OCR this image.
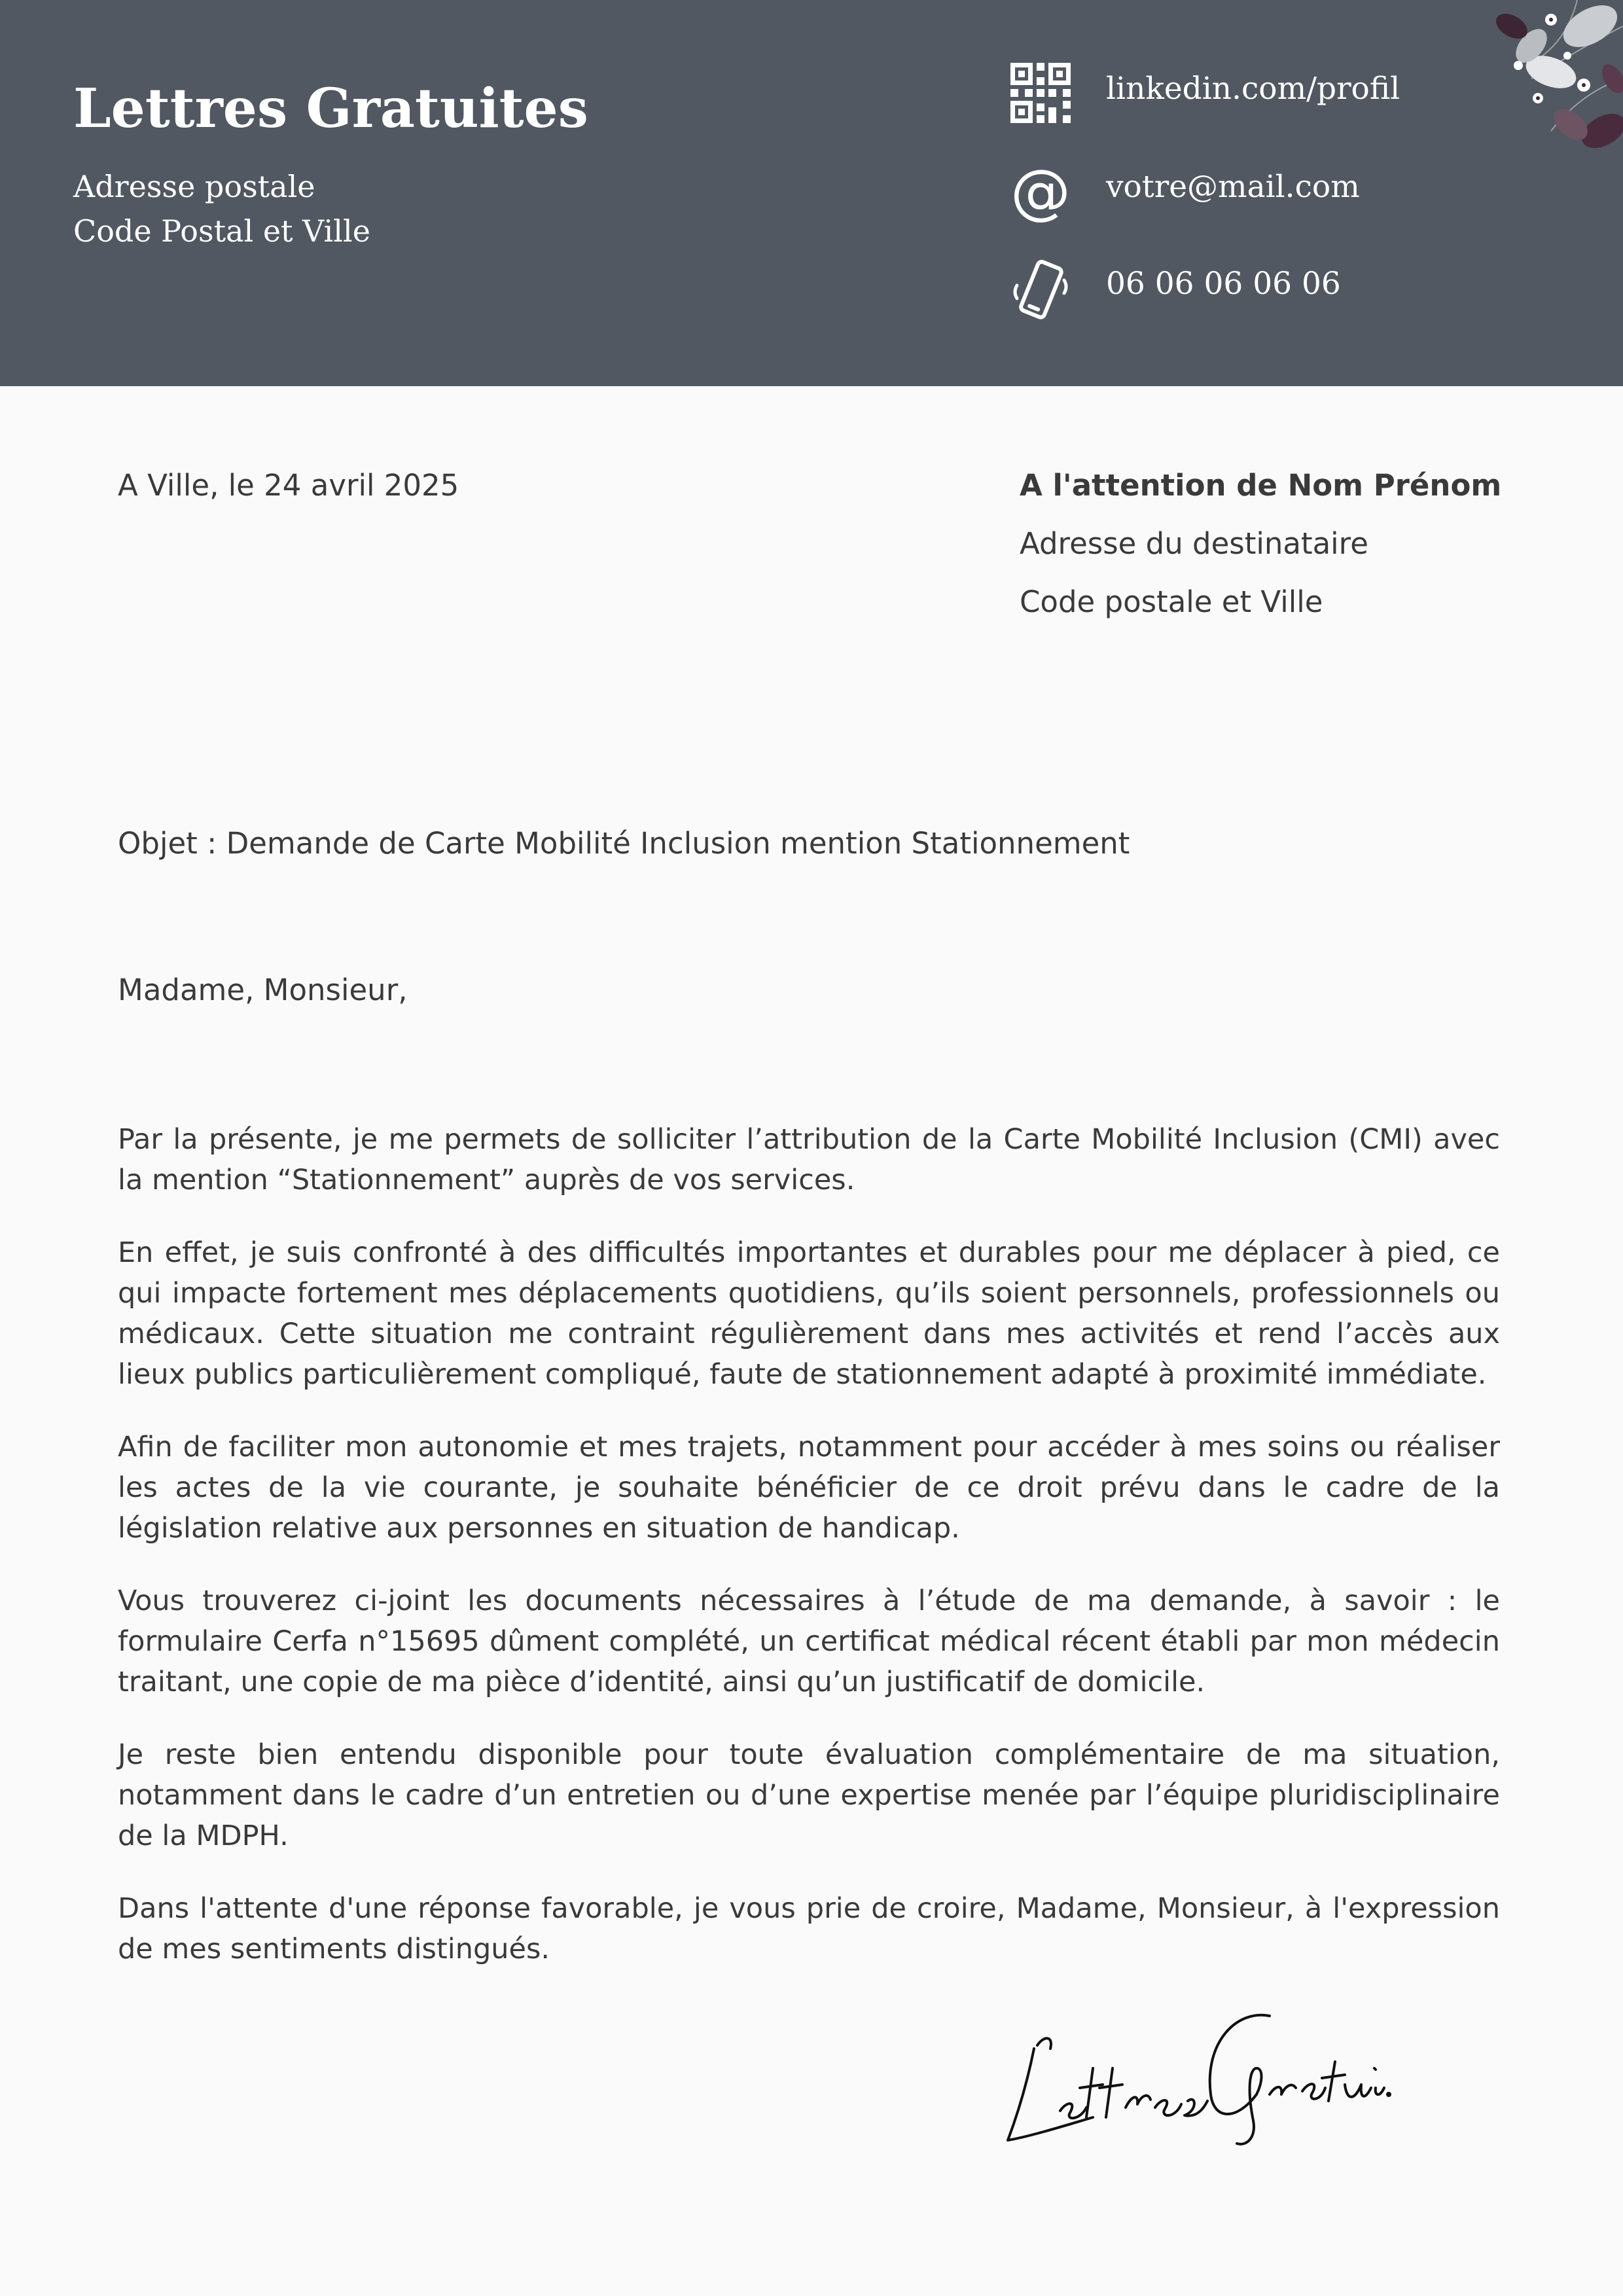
Lettres Gratuites
Adresse postale
Code Postal et Ville
linkedin.com/profil
@ votre@mail.com
06 06 06 06 06
A Ville, le 24 avril 2025	A l'attention de Nom Prénom
Adresse du destinataire
Code postale et Ville
Objet : Demande de Carte Mobilité Inclusion mention Stationnement
Madame, Monsieur,

Par la présente, je me permets de solliciter l’attribution de la Carte Mobilité Inclusion (CMI) avec la mention “Stationnement” auprès de vos services.

En effet, je suis confronté à des difficultés importantes et durables pour me déplacer à pied, ce qui impacte fortement mes déplacements quotidiens, qu’ils soient personnels, professionnels ou médicaux. Cette situation me contraint régulièrement dans mes activités et rend l’accès aux lieux publics particulièrement compliqué, faute de stationnement adapté à proximité immédiate.

Afin de faciliter mon autonomie et mes trajets, notamment pour accéder à mes soins ou réaliser les actes de la vie courante, je souhaite bénéficier de ce droit prévu dans le cadre de la législation relative aux personnes en situation de handicap.

Vous trouverez ci-joint les documents nécessaires à l’étude de ma demande, à savoir : le formulaire Cerfa n°15695 dûment complété, un certificat médical récent établi par mon médecin traitant, une copie de ma pièce d’identité, ainsi qu’un justificatif de domicile.

Je reste bien entendu disponible pour toute évaluation complémentaire de ma situation, notamment dans le cadre d’un entretien ou d’une expertise menée par l’équipe pluridisciplinaire de la MDPH.

Dans l'attente d'une réponse favorable, je vous prie de croire, Madame, Monsieur, à l'expression de mes sentiments distingués.
